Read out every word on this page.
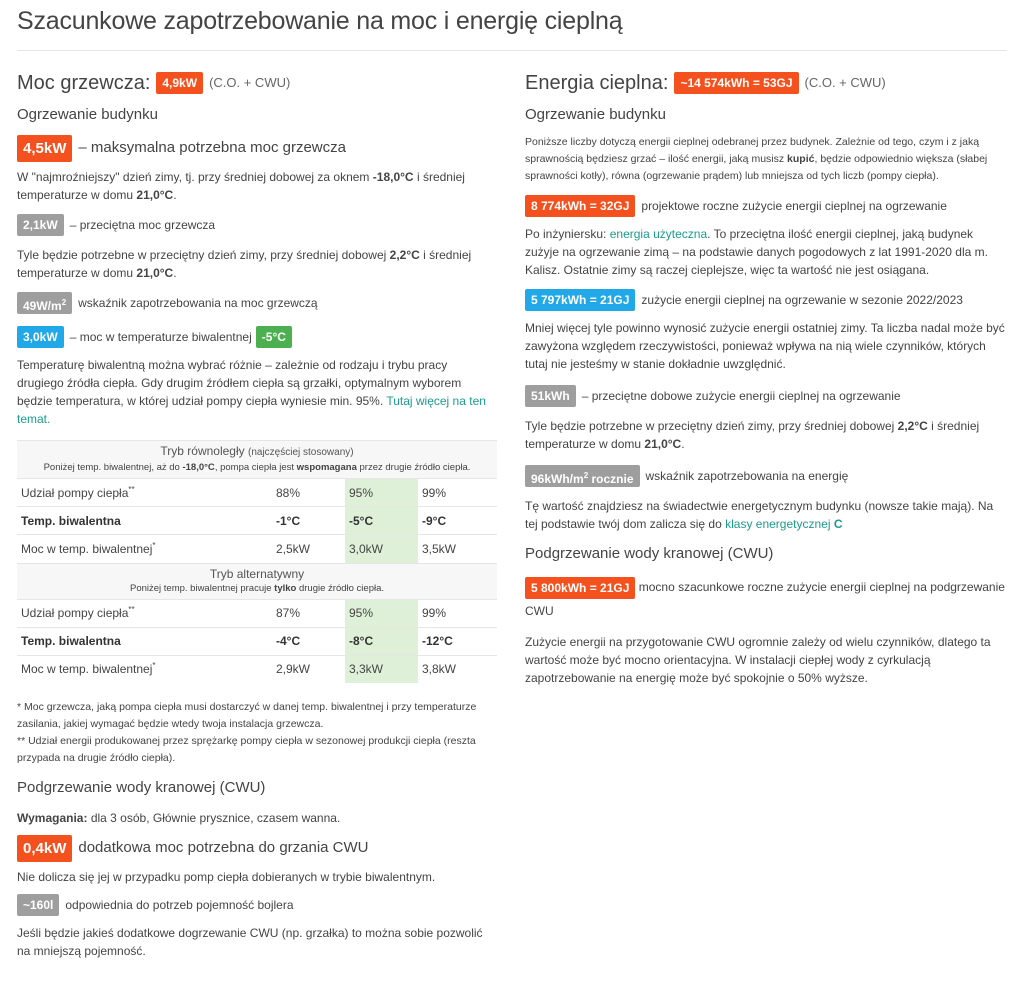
Szacunkowe zapotrzebowanie na moc i energię cieplną
Moc grzewcza:	4,9kW (C.O. + CWU)
Ogrzewanie budynku
4,5kW – maksymalna potrzebna moc grzewcza

W "najmroźniejszy" dzień zimy, tj. przy średniej dobowej za oknem -18,0°C i średniej temperaturze w domu 21,0°C.

2,1kW	– przeciętna moc grzewcza

Tyle będzie potrzebne w przeciętny dzień zimy, przy średniej dobowej 2,2°C i średniej temperaturze w domu 21,0°C.

$49W/m^2$	wskaźnik zapotrzebowania na moc grzewczą
3,0kW	– moc w temperaturze biwalentnej -5°C

Temperaturę biwalentną można wybrać różnie – zależnie od rodzaju i trybu pracy drugiego źródła ciepła. Gdy drugim źródłem ciepła są grzałki, optymalnym wyborem będzie temperatura, w której udział pompy ciepła wyniesie min. 95%. Tutaj więcej na ten temat.

Tryb równoległy (najczęściej stosowany)
Poniżej temp. biwalentnej, aż do -18,0°C, pompa ciepła jest wspomagana przez drugie źródło ciepła.
Udział pompy ciepła**	88%	95%	99%
Temp. biwalentna	-1°C	-5°C	-9°C
Moc w temp. biwalentnej*	2,5kW	3,0kW	3,5kW
Tryb alternatywny
Poniżej temp. biwalentnej pracuje tylko drugie źródło ciepła.
Udział pompy ciepła**	87%	95%	99%
Temp. biwalentna	-4°C	-8°C	-12°C
Moc w temp. biwalentnej*	2,9kW	3,3kW	3,8kW

* Moc grzewcza, jaką pompa ciepła musi dostarczyć w danej temp. biwalentnej i przy temperaturze zasilania, jakiej wymagać będzie wtedy twoja instalacja grzewcza.

** Udział energii produkowanej przez sprężarkę pompy ciepła w sezonowej produkcji ciepła (reszta przypada na drugie źródło ciepła).

Podgrzewanie wody kranowej (CWU)

Wymagania: dla 3 osób, Głównie prysznice, czasem wanna.

0,4kW dodatkowa moc potrzebna do grzania CWU

Nie dolicza się jej w przypadku pomp ciepła dobieranych w trybie biwalentnym.

~160l	odpowiednia do potrzeb pojemność bojlera

Jeśli będzie jakieś dodatkowe dogrzewanie CWU (np. grzałka) to można sobie pozwolić na mniejszą pojemność.

Energia cieplna:	~14 574kWh = 53GJ (C.O. + CWU)
Ogrzewanie budynku

Poniższe liczby dotyczą energii cieplnej odebranej przez budynek. Zależnie od tego, czym i z jaką sprawnością będziesz grzać – ilość energii, jaką musisz kupić, będzie odpowiednio większa (słabej sprawności kotły), równa (ogrzewanie prądem) lub mniejsza od tych liczb (pompy ciepła).

8 774kWh = 32GJ	projektowe roczne zużycie energii cieplnej na ogrzewanie

Po inżyniersku: energia użyteczna. To przeciętna ilość energii cieplnej, jaką budynek zużyje na ogrzewanie zimą – na podstawie danych pogodowych z lat 1991-2020 dla m. Kalisz. Ostatnie zimy są raczej cieplejsze, więc ta wartość nie jest osiągana.

5 797kWh = 21GJ	zużycie energii cieplnej na ogrzewanie w sezonie 2022/2023

Mniej więcej tyle powinno wynosić zużycie energii ostatniej zimy. Ta liczba nadal może być zawyżona względem rzeczywistości, ponieważ wpływa na nią wiele czynników, których tutaj nie jesteśmy w stanie dokładnie uwzględnić.

51kWh	– przeciętne dobowe zużycie energii cieplnej na ogrzewanie

Tyle będzie potrzebne w przeciętny dzień zimy, przy średniej dobowej 2,2°C i średniej temperaturze w domu 21,0°C.

$96kWh/m^2$ rocznie	wskaźnik zapotrzebowania na energię

Tę wartość znajdziesz na świadectwie energetycznym budynku (nowsze takie mają). Na tej podstawie twój dom zalicza się do klasy energetycznej C

Podgrzewanie wody kranowej (CWU)

5 800kWh = 21GJ mocno szacunkowe roczne zużycie energii cieplnej na podgrzewanie CWU

Zużycie energii na przygotowanie CWU ogromnie zależy od wielu czynników, dlatego ta wartość może być mocno orientacyjna. W instalacji ciepłej wody z cyrkulacją zapotrzebowanie na energię może być spokojnie o 50% wyższe.
